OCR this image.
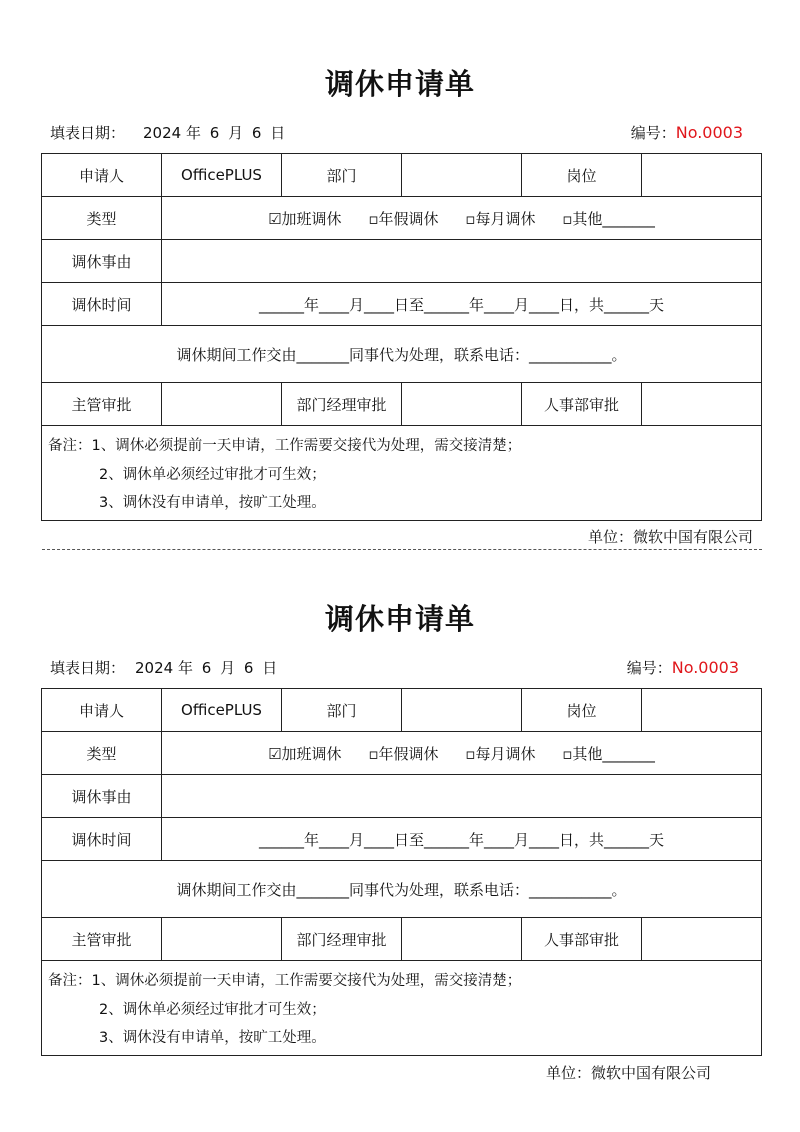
调休申请单
填表日期： 2024 年 6 月 6 日	编号：No.0003
申请人	OfficePLUS	部门		岗位	
类型	☑加班调休 ▫年假调休 ▫每月调休 ▫其他_______				
调休事由					
调休时间	______年____月____日至______年____月____日，共______天				
调休期间工作交由_______同事代为处理，联系电话：___________。					
主管审批		部门经理审批		人事部审批	

备注：1、调休必须提前一天申请，工作需要交接代为处理，需交接清楚；
2、调休单必须经过审批才可生效；
3、调休没有申请单，按旷工处理。					
单位：微软中国有限公司
调休申请单
填表日期： 2024 年 6 月 6 日	编号：No.0003
申请人	OfficePLUS	部门		岗位	
类型	☑加班调休 ▫年假调休 ▫每月调休 ▫其他_______				
调休事由					
调休时间	______年____月____日至______年____月____日，共______天				
调休期间工作交由_______同事代为处理，联系电话：___________。					
主管审批		部门经理审批		人事部审批	

备注：1、调休必须提前一天申请，工作需要交接代为处理，需交接清楚；
2、调休单必须经过审批才可生效；
3、调休没有申请单，按旷工处理。					
单位：微软中国有限公司
